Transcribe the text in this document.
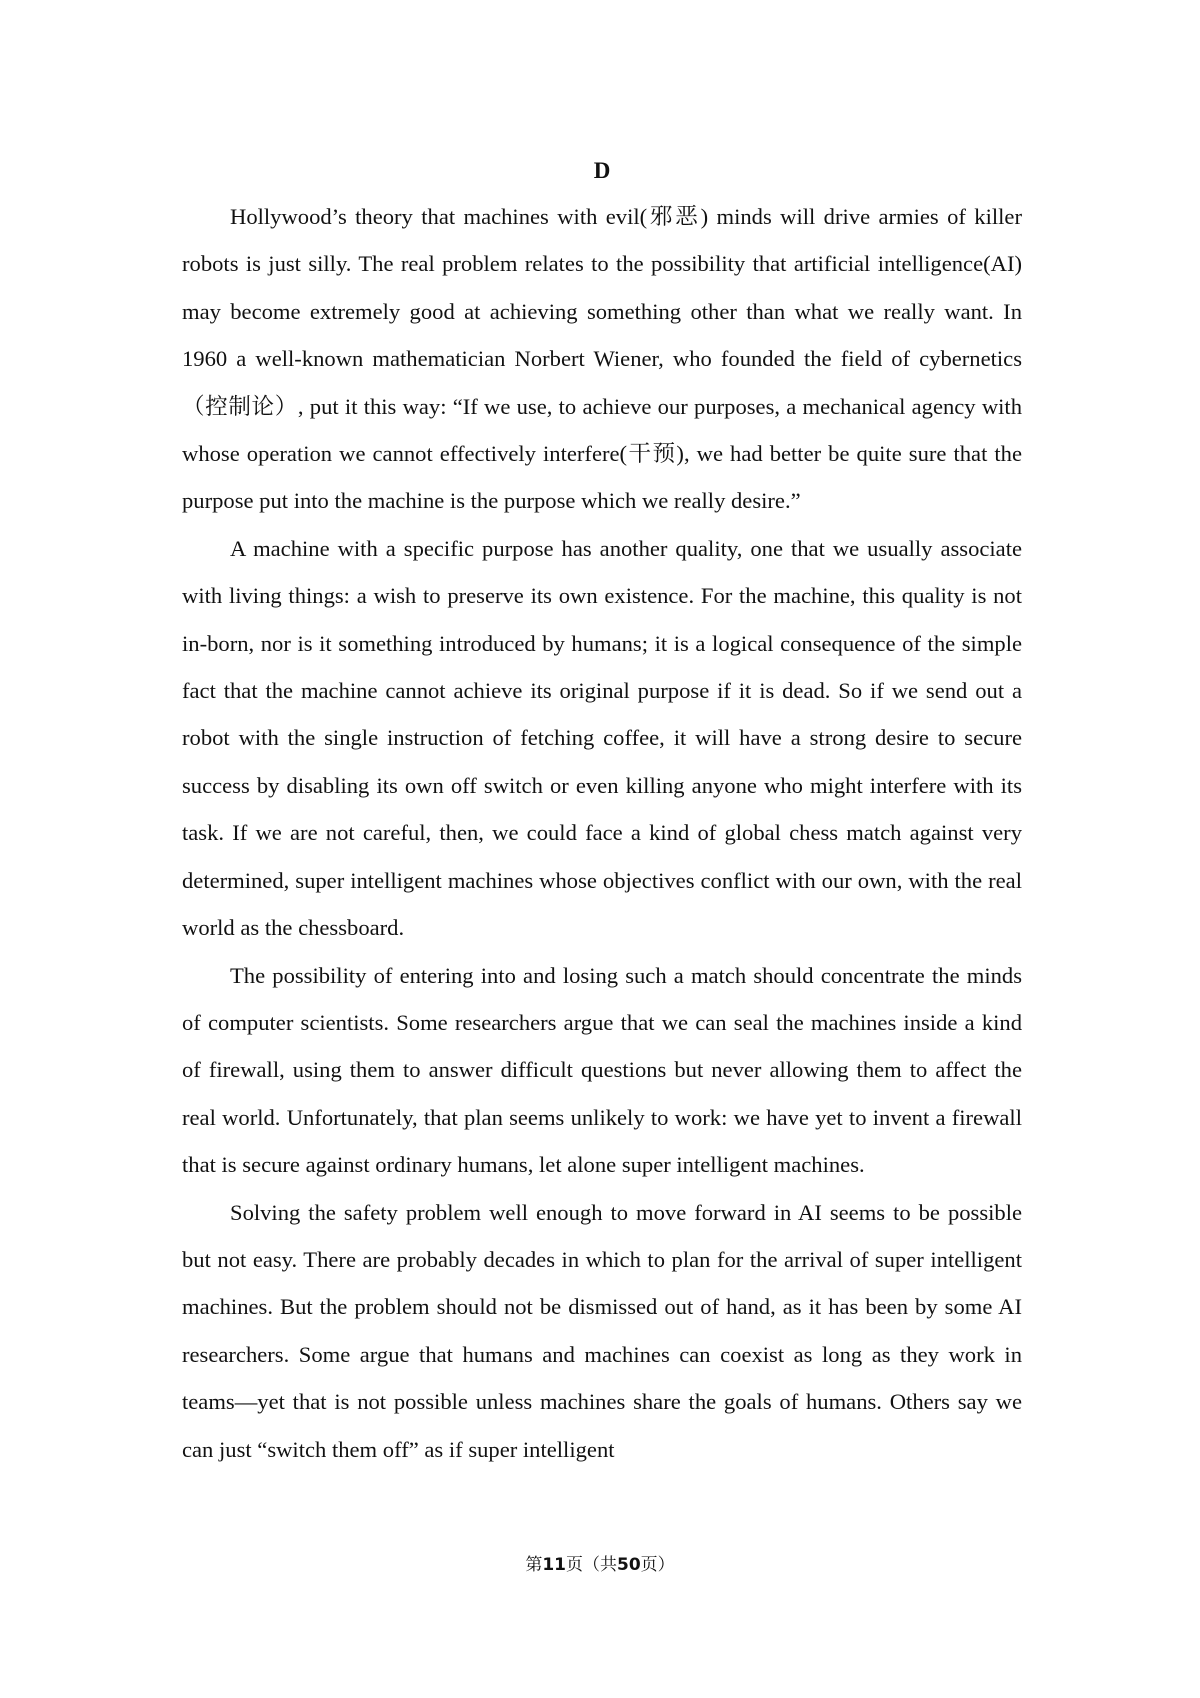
D

Hollywood’s theory that machines with evil(邪恶) minds will drive armies of killer robots is just silly. The real problem relates to the possibility that artificial intelligence(AI) may become extremely good at achieving something other than what we really want. In 1960 a well-known mathematician Norbert Wiener, who founded the field of cybernetics（控制论）, put it this way: “If we use, to achieve our purposes, a mechanical agency with whose operation we cannot effectively interfere(干预), we had better be quite sure that the purpose put into the machine is the purpose which we really desire.”

A machine with a specific purpose has another quality, one that we usually associate with living things: a wish to preserve its own existence. For the machine, this quality is not in-born, nor is it something introduced by humans; it is a logical consequence of the simple fact that the machine cannot achieve its original purpose if it is dead. So if we send out a robot with the single instruction of fetching coffee, it will have a strong desire to secure success by disabling its own off switch or even killing anyone who might interfere with its task. If we are not careful, then, we could face a kind of global chess match against very determined, super intelligent machines whose objectives conflict with our own, with the real world as the chessboard.

The possibility of entering into and losing such a match should concentrate the minds of computer scientists. Some researchers argue that we can seal the machines inside a kind of firewall, using them to answer difficult questions but never allowing them to affect the real world. Unfortunately, that plan seems unlikely to work: we have yet to invent a firewall that is secure against ordinary humans, let alone super intelligent machines.

Solving the safety problem well enough to move forward in AI seems to be possible but not easy. There are probably decades in which to plan for the arrival of super intelligent machines. But the problem should not be dismissed out of hand, as it has been by some AI researchers. Some argue that humans and machines can coexist as long as they work in teams—yet that is not possible unless machines share the goals of humans. Others say we can just “switch them off” as if super intelligent

第11页（共50页）
